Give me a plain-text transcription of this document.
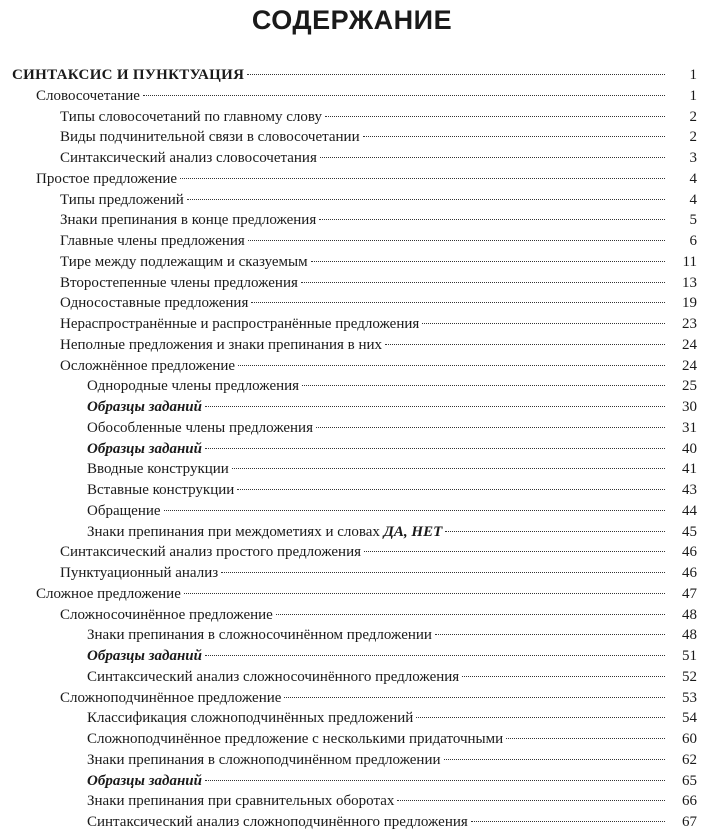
СОДЕРЖАНИЕ
СИНТАКСИС И ПУНКТУАЦИЯ	1
Словосочетание	1
Типы словосочетаний по главному слову	2
Виды подчинительной связи в словосочетании	2
Синтаксический анализ словосочетания	3
Простое предложение	4
Типы предложений	4
Знаки препинания в конце предложения	5
Главные члены предложения	6
Тире между подлежащим и сказуемым	11
Второстепенные члены предложения	13
Односоставные предложения	19
Нераспространённые и распространённые предложения	23
Неполные предложения и знаки препинания в них	24
Осложнённое предложение	24
Однородные члены предложения	25
Образцы заданий	30
Обособленные члены предложения	31
Образцы заданий	40
Вводные конструкции	41
Вставные конструкции	43
Обращение	44
Знаки препинания при междометиях и словах ДА, НЕТ	45
Синтаксический анализ простого предложения	46
Пунктуационный анализ	46
Сложное предложение	47
Сложносочинённое предложение	48
Знаки препинания в сложносочинённом предложении	48
Образцы заданий	51
Синтаксический анализ сложносочинённого предложения	52
Сложноподчинённое предложение	53
Классификация сложноподчинённых предложений	54
Сложноподчинённое предложение с несколькими придаточными	60
Знаки препинания в сложноподчинённом предложении	62
Образцы заданий	65
Знаки препинания при сравнительных оборотах	66
Синтаксический анализ сложноподчинённого предложения	67
